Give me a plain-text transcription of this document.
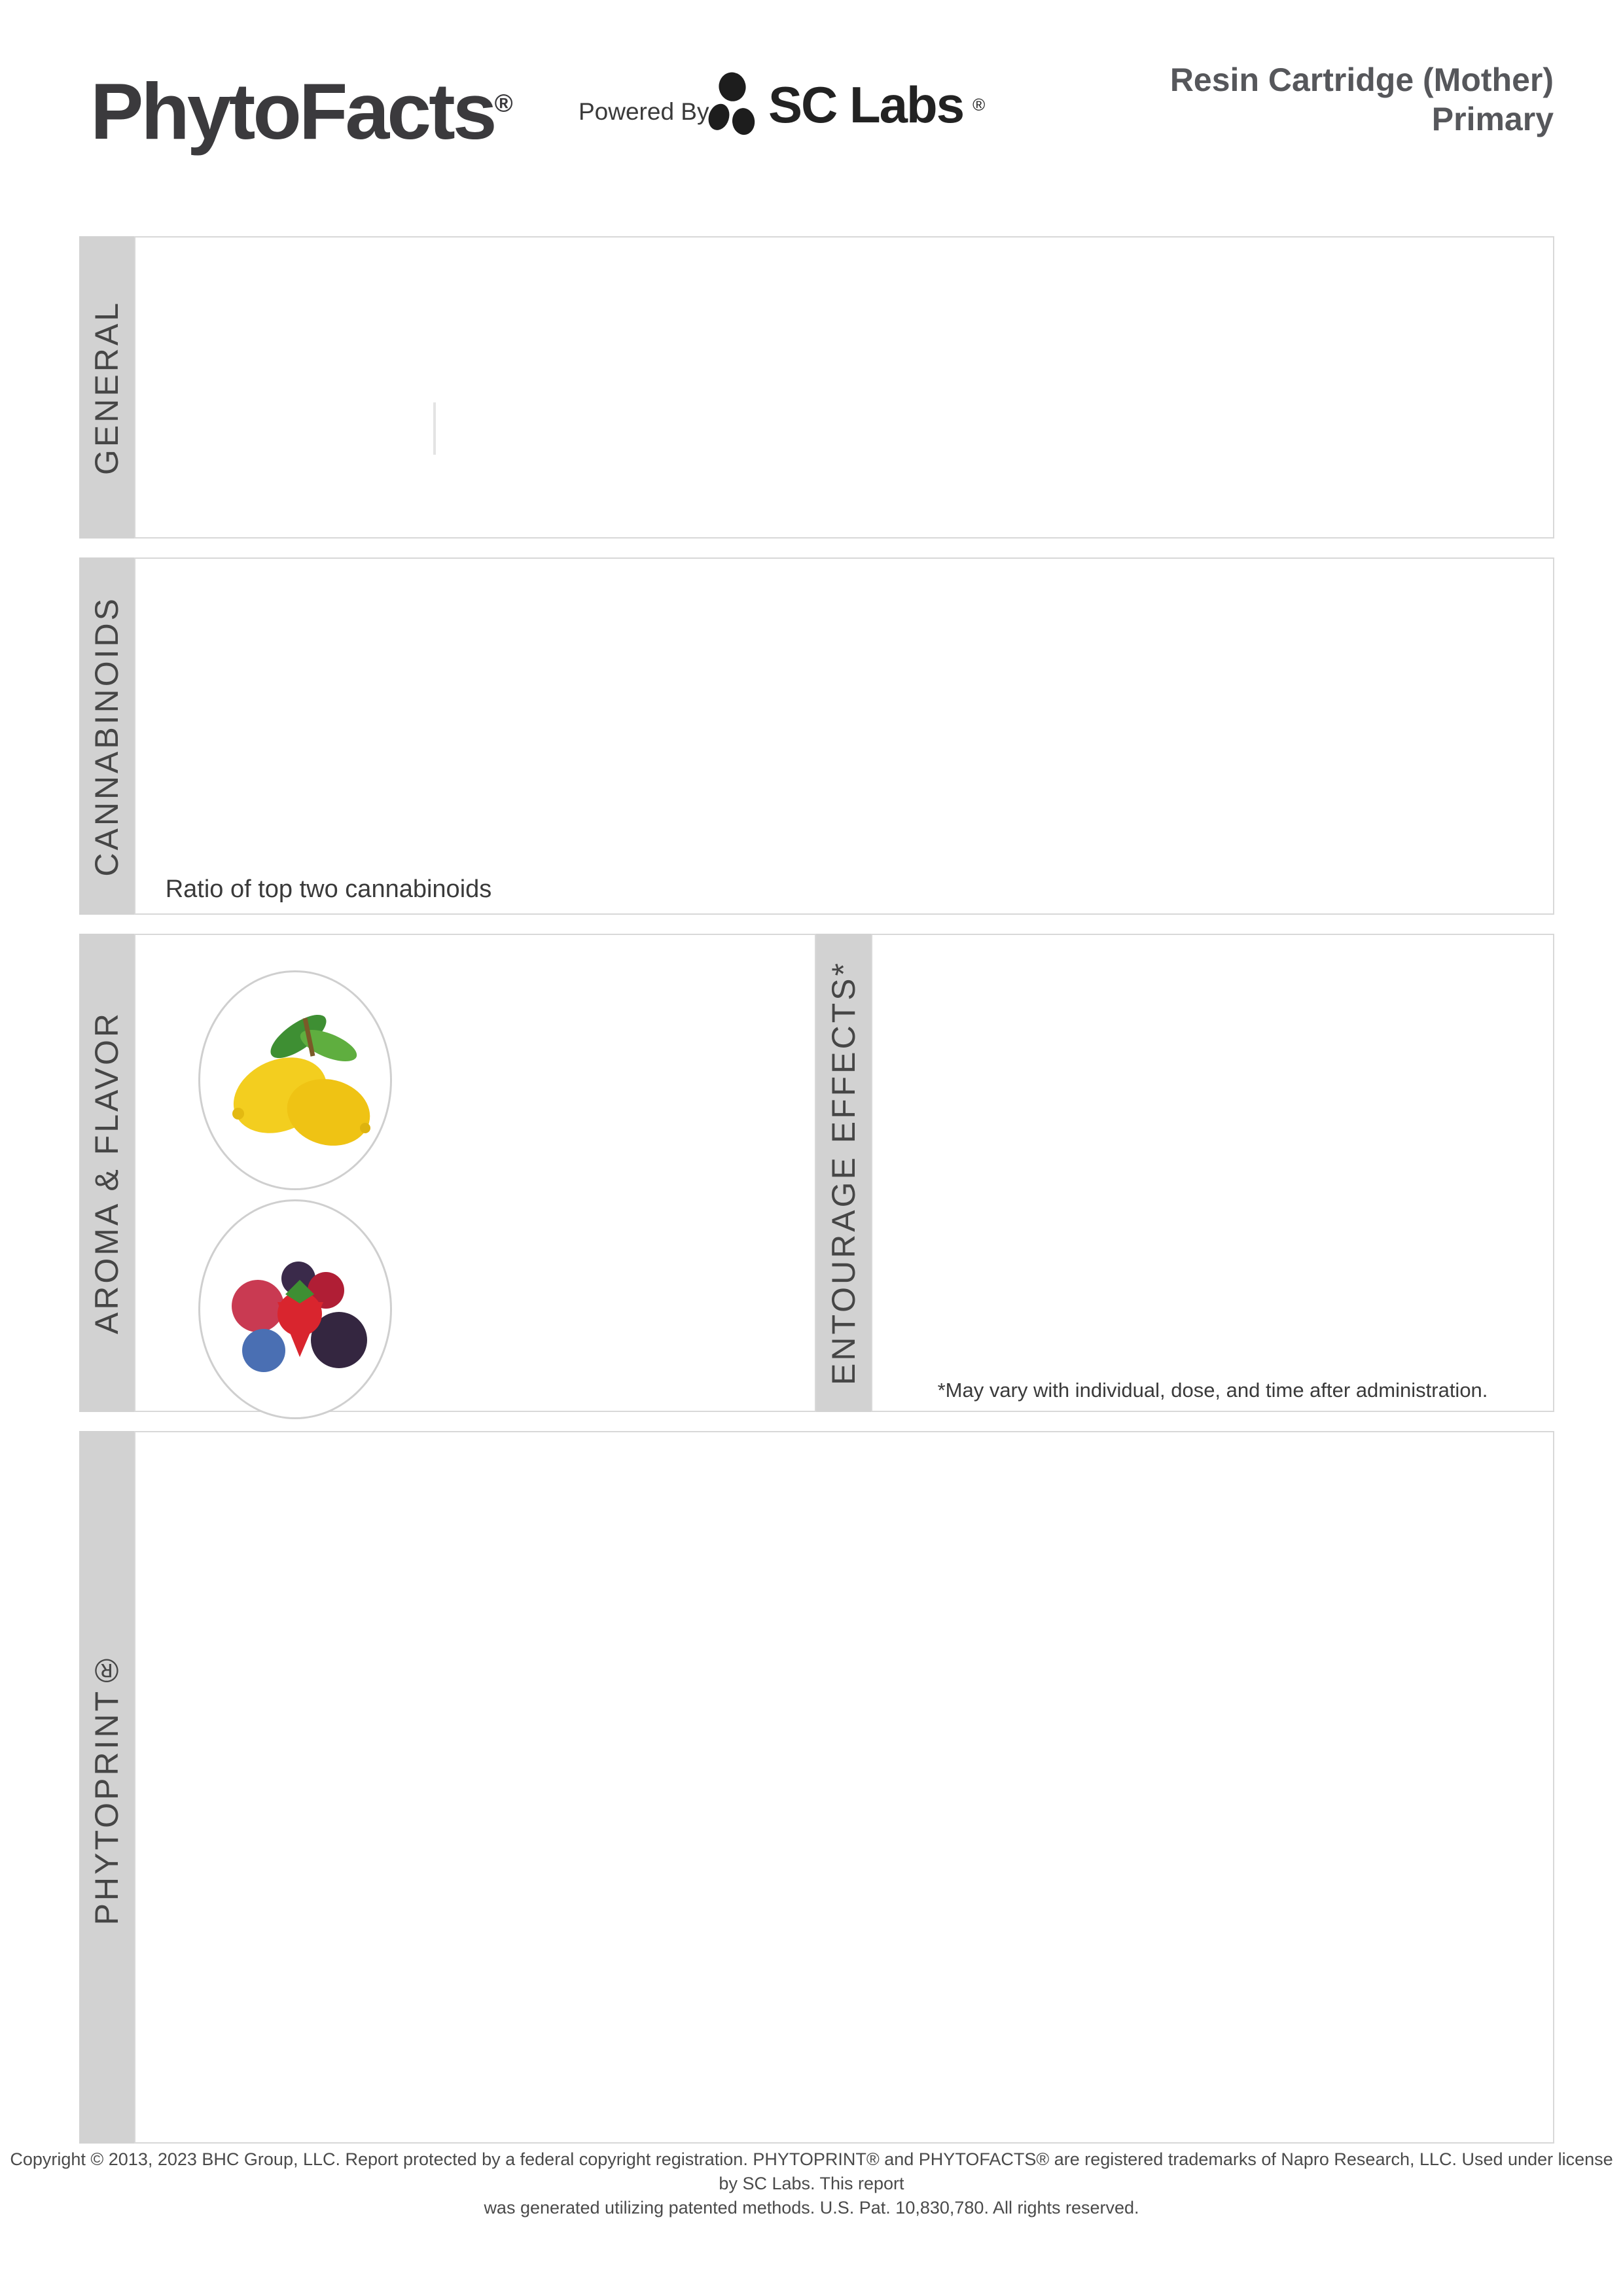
PhytoFacts®	Powered By SC Labs ®
Resin Cartridge (Mother)
Primary
GENERAL
CANNABINOIDS
Ratio of top two cannabinoids
AROMA & FLAVOR	ENTOURAGE EFFECTS*
*May vary with individual, dose, and time after administration.
PHYTOPRINT®
Copyright © 2013, 2023 BHC Group, LLC. Report protected by a federal copyright registration. PHYTOPRINT® and PHYTOFACTS® are registered trademarks of Napro Research, LLC. Used under license by SC Labs. This report
was generated utilizing patented methods. U.S. Pat. 10,830,780. All rights reserved.
